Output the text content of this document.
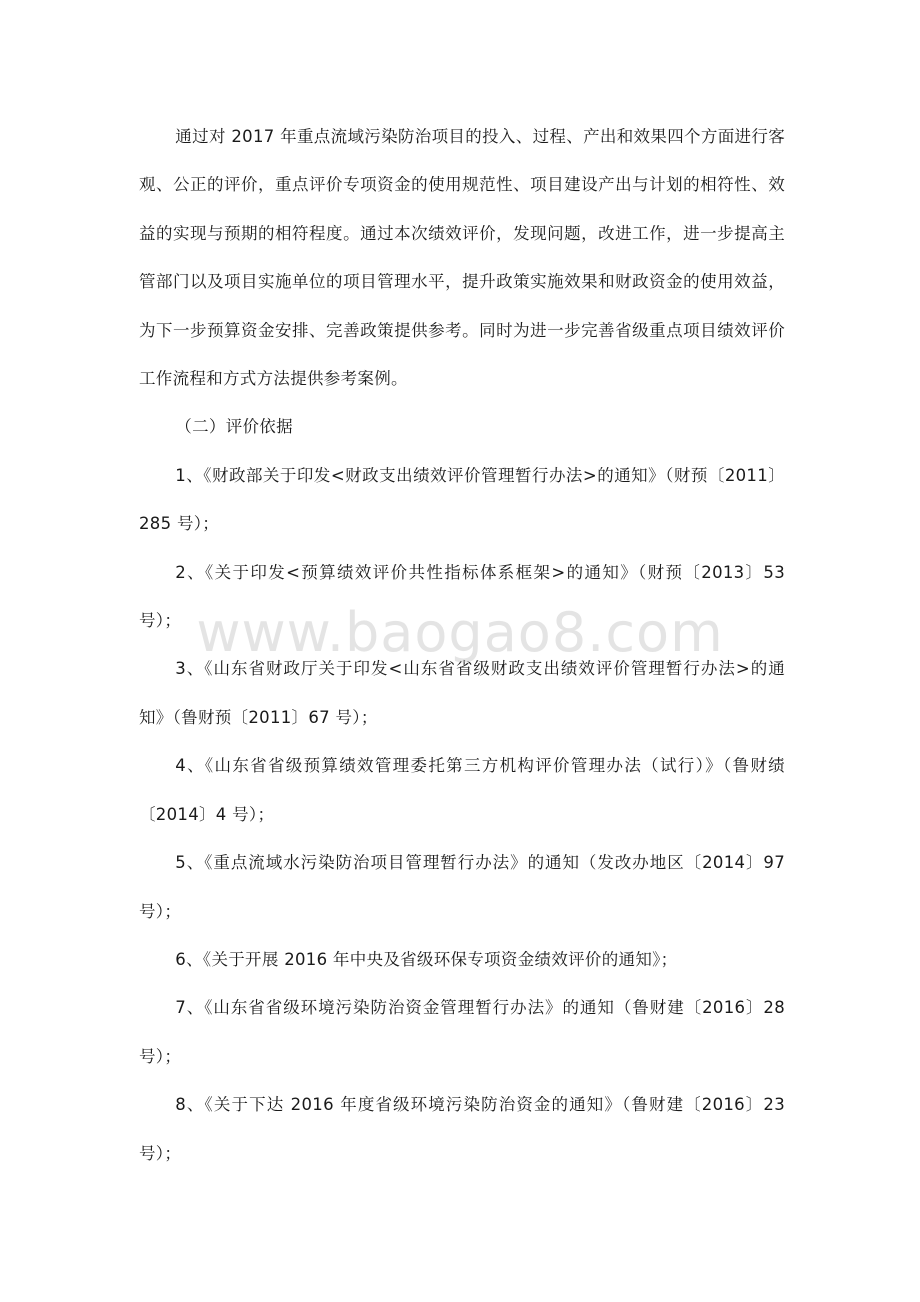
通过对 2017 年重点流域污染防治项目的投入、过程、产出和效果四个方面进行客观、公正的评价，重点评价专项资金的使用规范性、项目建设产出与计划的相符性、效益的实现与预期的相符程度。通过本次绩效评价，发现问题，改进工作，进一步提高主管部门以及项目实施单位的项目管理水平，提升政策实施效果和财政资金的使用效益，为下一步预算资金安排、完善政策提供参考。同时为进一步完善省级重点项目绩效评价工作流程和方式方法提供参考案例。

（二）评价依据

1、《财政部关于印发<财政支出绩效评价管理暂行办法>的通知》（财预〔2011〕285 号）；

2、《关于印发<预算绩效评价共性指标体系框架>的通知》（财预〔2013〕53 号）；

3、《山东省财政厅关于印发<山东省省级财政支出绩效评价管理暂行办法>的通知》（鲁财预〔2011〕67 号）；

4、《山东省省级预算绩效管理委托第三方机构评价管理办法（试行）》（鲁财绩〔2014〕4 号）；

5、《重点流域水污染防治项目管理暂行办法》的通知（发改办地区〔2014〕97 号）；

6、《关于开展 2016 年中央及省级环保专项资金绩效评价的通知》；

7、《山东省省级环境污染防治资金管理暂行办法》的通知（鲁财建〔2016〕28 号）；

8、《关于下达 2016 年度省级环境污染防治资金的通知》（鲁财建〔2016〕23 号）；

www.baogao8.com
